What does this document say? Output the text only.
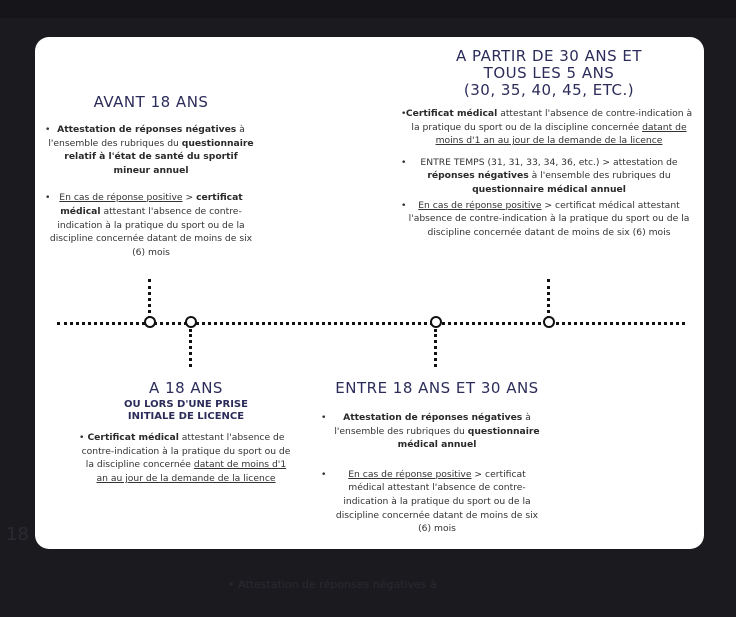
18
• Attestation de réponses négatives à
AVANT 18 ANS
• Attestation de réponses négatives à l'ensemble des rubriques du questionnaire relatif à l'état de santé du sportif mineur annuel
• En cas de réponse positive > certificat médical attestant l'absence de contre-indication à la pratique du sport ou de la discipline concernée datant de moins de six (6) mois
A PARTIR DE 30 ANS ET
TOUS LES 5 ANS
(30, 35, 40, 45, ETC.)
• Certificat médical attestant l'absence de contre-indication à la pratique du sport ou de la discipline concernée datant de moins d'1 an au jour de la demande de la licence
• ENTRE TEMPS (31, 31, 33, 34, 36, etc.) > attestation de réponses négatives à l'ensemble des rubriques du questionnaire médical annuel
• En cas de réponse positive > certificat médical attestant l'absence de contre-indication à la pratique du sport ou de la discipline concernée datant de moins de six (6) mois
A 18 ANS
OU LORS D'UNE PRISE INITIALE DE LICENCE
• Certificat médical attestant l'absence de contre-indication à la pratique du sport ou de la discipline concernée datant de moins d'1 an au jour de la demande de la licence
ENTRE 18 ANS ET 30 ANS
• Attestation de réponses négatives à l'ensemble des rubriques du questionnaire médical annuel
• En cas de réponse positive > certificat médical attestant l'absence de contre-indication à la pratique du sport ou de la discipline concernée datant de moins de six (6) mois
